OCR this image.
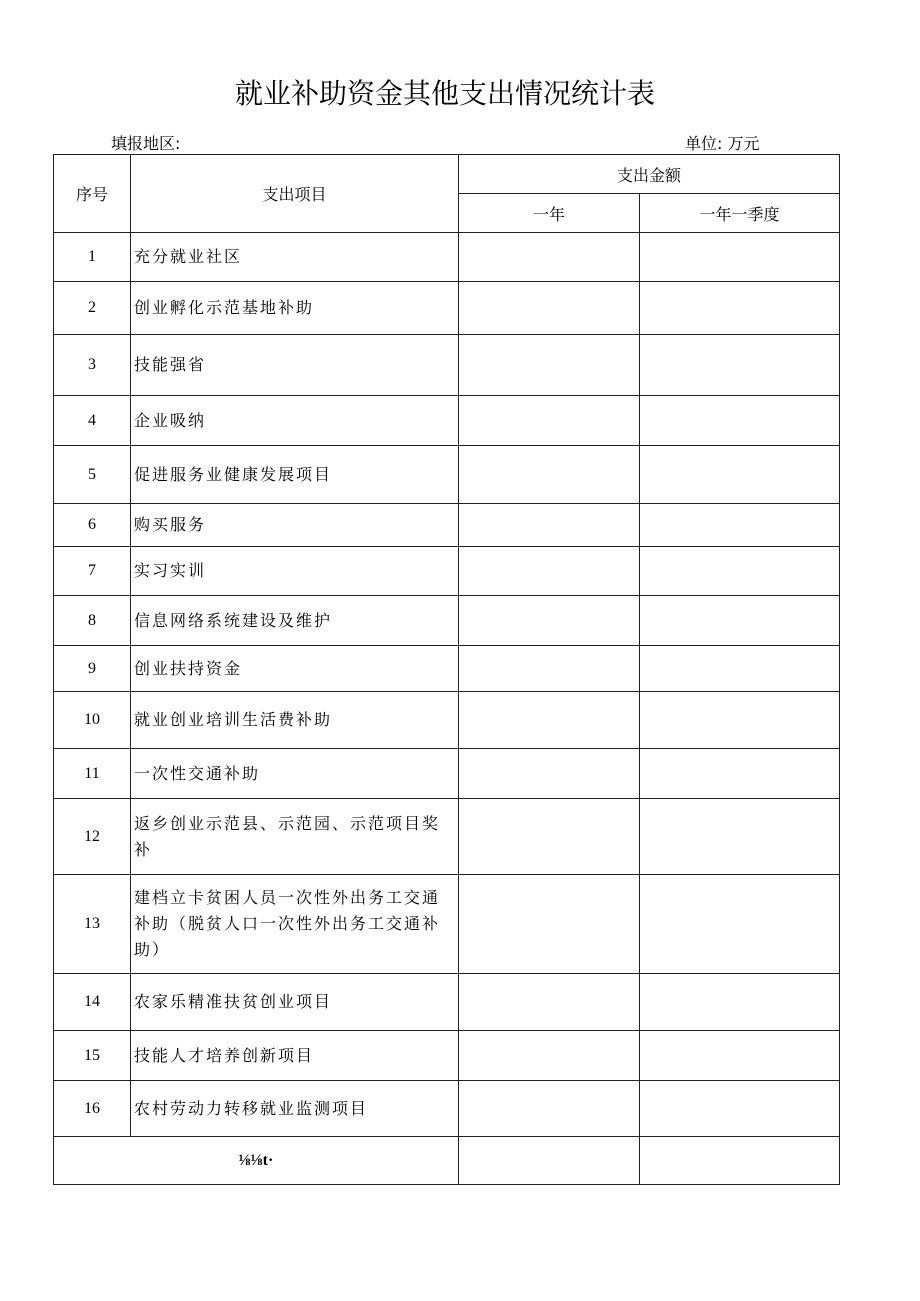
就业补助资金其他支出情况统计表
填报地区:	单位: 万元
序号	支出项目	支出金额	
		一年	一年一季度
1	充分就业社区		
2	创业孵化示范基地补助		
3	技能强省		
4	企业吸纳		
5	促进服务业健康发展项目		
6	购买服务		
7	实习实训		
8	信息网络系统建设及维护		
9	创业扶持资金		
10	就业创业培训生活费补助		
11	一次性交通补助		
12	返乡创业示范县、示范园、示范项目奖补		
13	建档立卡贫困人员一次性外出务工交通补助（脱贫人口一次性外出务工交通补助）		
14	农家乐精准扶贫创业项目		
15	技能人才培养创新项目		
16	农村劳动力转移就业监测项目		
⅛⅛t·			
